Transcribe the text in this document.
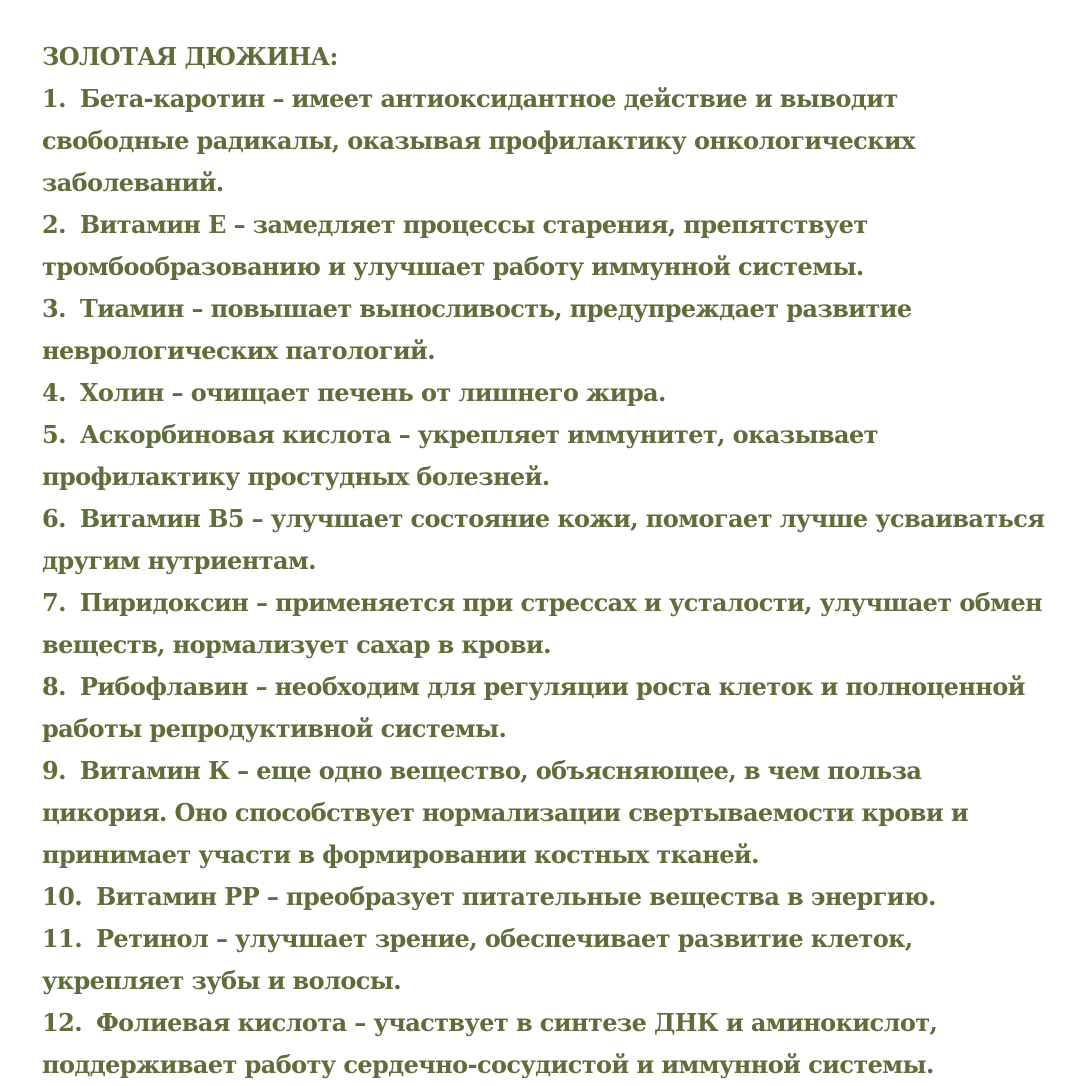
ЗОЛОТАЯ ДЮЖИНА:
1. Бета-каротин – имеет антиоксидантное действие и выводит свободные радикалы, оказывая профилактику онкологических заболеваний.
2. Витамин Е – замедляет процессы старения, препятствует тромбообразованию и улучшает работу иммунной системы.
3. Тиамин – повышает выносливость, предупреждает развитие неврологических патологий.
4. Холин – очищает печень от лишнего жира.
5. Аскорбиновая кислота – укрепляет иммунитет, оказывает профилактику простудных болезней.
6. Витамин В5 – улучшает состояние кожи, помогает лучше усваиваться другим нутриентам.
7. Пиридоксин – применяется при стрессах и усталости, улучшает обмен веществ, нормализует сахар в крови.
8. Рибофлавин – необходим для регуляции роста клеток и полноценной работы репродуктивной системы.
9. Витамин К – еще одно вещество, объясняющее, в чем польза цикория. Оно способствует нормализации свертываемости крови и принимает участи в формировании костных тканей.
10. Витамин РР – преобразует питательные вещества в энергию.
11. Ретинол – улучшает зрение, обеспечивает развитие клеток, укрепляет зубы и волосы.
12. Фолиевая кислота – участвует в синтезе ДНК и аминокислот, поддерживает работу сердечно-сосудистой и иммунной системы.
